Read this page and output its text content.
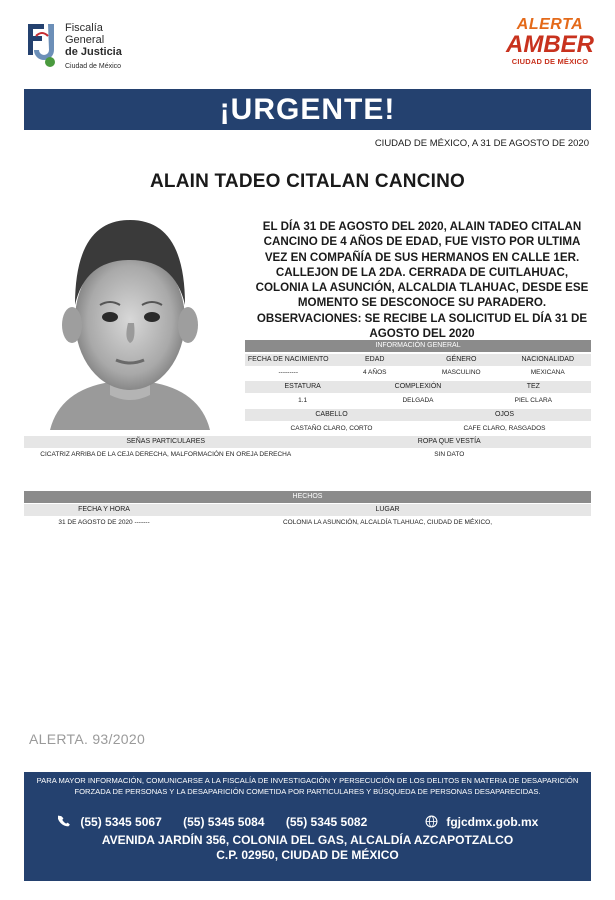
Fiscalía
General
de Justicia
Ciudad de México
ALERTA
AMBER
CIUDAD DE MÉXICO
¡URGENTE!
CIUDAD DE MÉXICO, A 31 DE AGOSTO DE 2020
ALAIN TADEO CITALAN CANCINO
EL DÍA 31 DE AGOSTO DEL 2020, ALAIN TADEO CITALAN CANCINO DE 4 AÑOS DE EDAD, FUE VISTO POR ULTIMA VEZ EN COMPAÑÍA DE SUS HERMANOS EN CALLE 1ER. CALLEJON DE LA 2DA. CERRADA DE CUITLAHUAC, COLONIA LA ASUNCIÓN, ALCALDIA TLAHUAC, DESDE ESE MOMENTO SE DESCONOCE SU PARADERO. OBSERVACIONES: SE RECIBE LA SOLICITUD EL DÍA 31 DE AGOSTO DEL 2020
INFORMACIÓN GENERAL
FECHA DE NACIMIENTO	EDAD	GÉNERO	NACIONALIDAD
---------	4 AÑOS	MASCULINO	MEXICANA
ESTATURA	COMPLEXIÓN	TEZ
1.1	DELGADA	PIEL CLARA
CABELLO	OJOS
CASTAÑO CLARO, CORTO	CAFE CLARO, RASGADOS
SEÑAS PARTICULARES	ROPA QUE VESTÍA
CICATRIZ ARRIBA DE LA CEJA DERECHA, MALFORMACIÓN EN OREJA DERECHA	SIN DATO
HECHOS
FECHA Y HORA	LUGAR
31 DE AGOSTO DE 2020 -------	COLONIA LA ASUNCIÓN, ALCALDÍA TLAHUAC, CIUDAD DE MÉXICO,
ALERTA. 93/2020
PARA MAYOR INFORMACIÓN, COMUNICARSE A LA FISCALÍA DE INVESTIGACIÓN Y PERSECUCIÓN DE LOS DELITOS EN MATERIA DE DESAPARICIÓN FORZADA DE PERSONAS Y LA DESAPARICIÓN COMETIDA POR PARTICULARES Y BÚSQUEDA DE PERSONAS DESAPARECIDAS.
(55) 5345 5067 (55) 5345 5084 (55) 5345 5082	fgjcdmx.gob.mx
AVENIDA JARDÍN 356, COLONIA DEL GAS, ALCALDÍA AZCAPOTZALCO
C.P. 02950, CIUDAD DE MÉXICO
